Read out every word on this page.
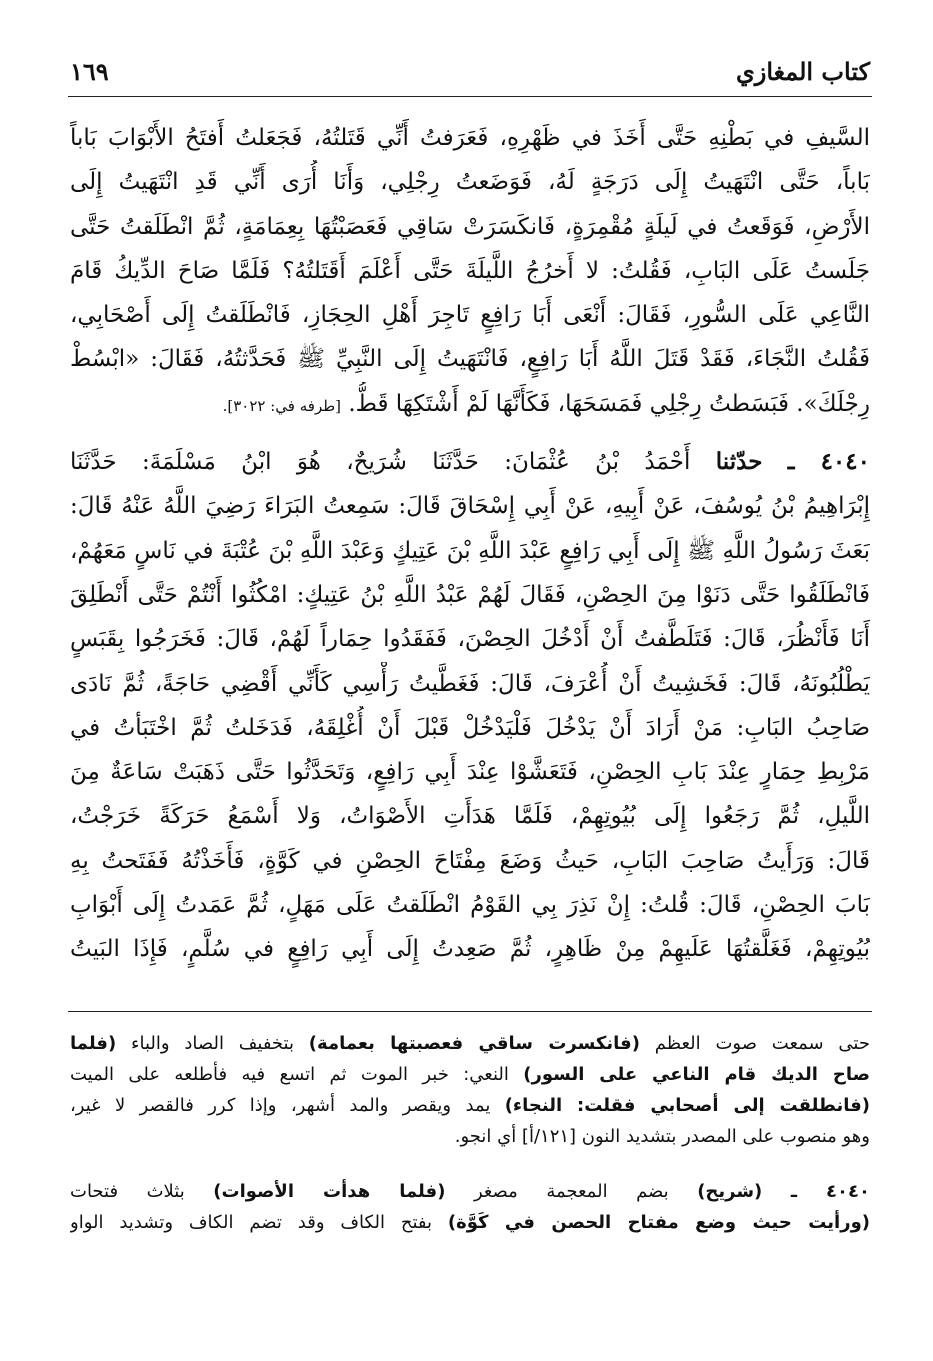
كتاب المغازي
١٦٩
السَّيفِ في بَطْنِهِ حَتَّى أَخَذَ في ظَهْرِهِ، فَعَرَفتُ أَنِّي قَتَلتُهُ، فَجَعَلتُ أَفتَحُ الأَبْوَابَ بَاباً
بَاباً، حَتَّى انْتَهَيتُ إِلَى دَرَجَةٍ لَهُ، فَوَضَعتُ رِجْلِي، وَأَنَا أُرَى أَنِّي قَدِ انْتَهَيتُ إِلَى
الأَرْضِ، فَوَقَعتُ في لَيلَةٍ مُقْمِرَةٍ، فَانكَسَرَتْ سَاقِي فَعَصَبْتُهَا بِعِمَامَةٍ، ثُمَّ انْطَلَقتُ حَتَّى
جَلَستُ عَلَى البَابِ، فَقُلتُ: لا أَخرُجُ اللَّيلَةَ حَتَّى أَعْلَمَ أَقَتَلتُهُ؟ فَلَمَّا صَاحَ الدِّيكُ قَامَ
النَّاعِي عَلَى السُّورِ، فَقَالَ: أَنْعَى أَبَا رَافِعٍ تَاجِرَ أَهْلِ الحِجَازِ، فَانْطَلَقتُ إِلَى أَصْحَابِي،
فَقُلتُ النَّجَاءَ، فَقَدْ قَتَلَ اللَّهُ أَبَا رَافِعٍ، فَانْتَهَيتُ إِلَى النَّبِيِّ ﷺ فَحَدَّثتُهُ، فَقَالَ: «ابْسُطْ
رِجْلَكَ». فَبَسَطتُ رِجْلِي فَمَسَحَهَا، فَكَأَنَّهَا لَمْ أَشْتَكِهَا قَطُّ. [طرفه في: ٣٠٢٢].
٤٠٤٠ ـ حدّثنا أَحْمَدُ بْنُ عُثْمَانَ: حَدَّثَنَا شُرَيحٌ، هُوَ ابْنُ مَسْلَمَةَ: حَدَّثَنَا
إِبْرَاهِيمُ بْنُ يُوسُفَ، عَنْ أَبِيهِ، عَنْ أَبِي إِسْحَاقَ قَالَ: سَمِعتُ البَرَاءَ رَضِيَ اللَّهُ عَنْهُ قَالَ:
بَعَثَ رَسُولُ اللَّهِ ﷺ إِلَى أَبِي رَافِعٍ عَبْدَ اللَّهِ بْنَ عَتِيكٍ وَعَبْدَ اللَّهِ بْنَ عُتْبَةَ في نَاسٍ مَعَهُمْ،
فَانْطَلَقُوا حَتَّى دَنَوْا مِنَ الحِصْنِ، فَقَالَ لَهُمْ عَبْدُ اللَّهِ بْنُ عَتِيكٍ: امْكُثُوا أَنْتُمْ حَتَّى أَنْطَلِقَ
أَنَا فَأَنْظُرَ، قَالَ: فَتَلَطَّفتُ أَنْ أَدْخُلَ الحِصْنَ، فَفَقَدُوا حِمَاراً لَهُمْ، قَالَ: فَخَرَجُوا بِقَبَسٍ
يَطْلُبُونَهُ، قَالَ: فَخَشِيتُ أَنْ أُعْرَفَ، قَالَ: فَغَطَّيتُ رَأْسِي كَأَنِّي أَقْضِي حَاجَةً، ثُمَّ نَادَى
صَاحِبُ البَابِ: مَنْ أَرَادَ أَنْ يَدْخُلَ فَلْيَدْخُلْ قَبْلَ أَنْ أُغْلِقَهُ، فَدَخَلتُ ثُمَّ اخْتَبَأتُ في
مَرْبِطِ حِمَارٍ عِنْدَ بَابِ الحِصْنِ، فَتَعَشَّوْا عِنْدَ أَبِي رَافِعٍ، وَتَحَدَّثُوا حَتَّى ذَهَبَتْ سَاعَةٌ مِنَ
اللَّيلِ، ثُمَّ رَجَعُوا إِلَى بُيُوتِهِمْ، فَلَمَّا هَدَأَتِ الأَصْوَاتُ، وَلا أَسْمَعُ حَرَكَةً خَرَجْتُ،
قَالَ: وَرَأَيتُ صَاحِبَ البَابِ، حَيثُ وَضَعَ مِفْتَاحَ الحِصْنِ في كَوَّةٍ، فَأَخَذْتُهُ فَفَتَحتُ بِهِ
بَابَ الحِصْنِ، قَالَ: قُلتُ: إِنْ نَذِرَ بِي القَوْمُ انْطَلَقتُ عَلَى مَهَلٍ، ثُمَّ عَمَدتُ إِلَى أَبْوَابِ
بُيُوتِهِمْ، فَغَلَّقتُهَا عَلَيهِمْ مِنْ ظَاهِرٍ، ثُمَّ صَعِدتُ إِلَى أَبِي رَافِعٍ في سُلَّمٍ، فَإِذَا البَيتُ
حتى سمعت صوت العظم (فانكسرت ساقي فعصبتها بعمامة) بتخفيف الصاد والباء (فلما
صاح الديك قام الناعي على السور) النعي: خبر الموت ثم اتسع فيه فأطلعه على الميت
(فانطلقت إلى أصحابي فقلت: النجاء) يمد ويقصر والمد أشهر، وإذا كرر فالقصر لا غير،
وهو منصوب على المصدر بتشديد النون [١٢١/أ] أي انجو.
٤٠٤٠ ـ (شريح) بضم المعجمة مصغر (فلما هدأت الأصوات) بثلاث فتحات
(ورأيت حيث وضع مفتاح الحصن في كَوَّة) بفتح الكاف وقد تضم الكاف وتشديد الواو
